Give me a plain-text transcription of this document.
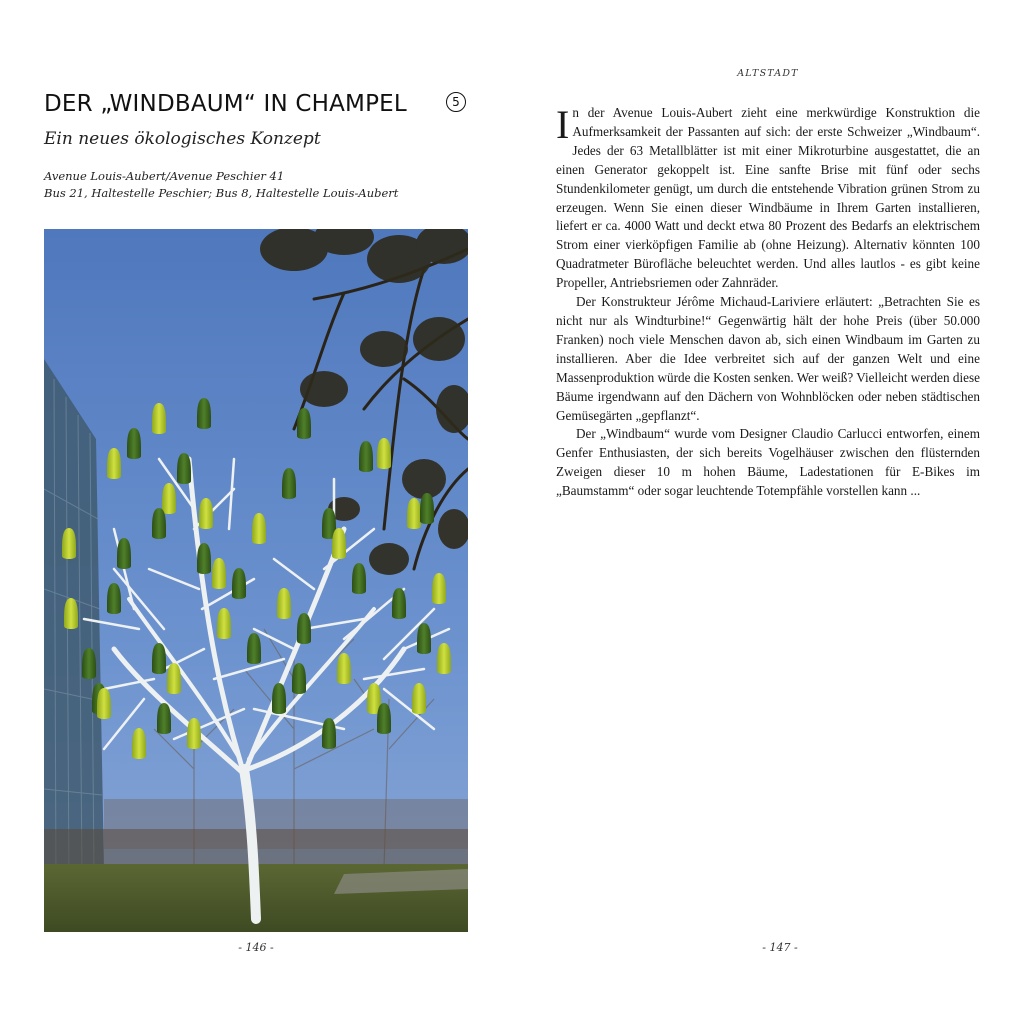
DER „WINDBAUM“ IN CHAMPEL	5
Ein neues ökologisches Konzept
Avenue Louis-Aubert/Avenue Peschier 41
Bus 21, Haltestelle Peschier; Bus 8, Haltestelle Louis-Aubert
- 146 -
ALTSTADT

In der Avenue Louis-Aubert zieht eine merkwürdige Konstruktion die Aufmerksamkeit der Passanten auf sich: der erste Schweizer „Windbaum“. Jedes der 63 Metallblätter ist mit einer Mikroturbine ausgestattet, die an einen Generator gekoppelt ist. Eine sanfte Brise mit fünf oder sechs Stundenkilometer genügt, um durch die entstehende Vibration grünen Strom zu erzeugen. Wenn Sie einen dieser Windbäume in Ihrem Garten installieren, liefert er ca. 4000 Watt und deckt etwa 80 Prozent des Bedarfs an elektrischem Strom einer vierköpfigen Familie ab (ohne Heizung). Alternativ könnten 100 Quadratmeter Bürofläche beleuchtet werden. Und alles lautlos - es gibt keine Propeller, Antriebsriemen oder Zahnräder.

Der Konstrukteur Jérôme Michaud-Lariviere erläutert: „Betrachten Sie es nicht nur als Windturbine!“ Gegenwärtig hält der hohe Preis (über 50.000 Franken) noch viele Menschen davon ab, sich einen Windbaum im Garten zu installieren. Aber die Idee verbreitet sich auf der ganzen Welt und eine Massenproduktion würde die Kosten senken. Wer weiß? Vielleicht werden diese Bäume irgendwann auf den Dächern von Wohnblöcken oder neben städtischen Gemüsegärten „gepflanzt“.

Der „Windbaum“ wurde vom Designer Claudio Carlucci entworfen, einem Genfer Enthusiasten, der sich bereits Vogelhäuser zwischen den flüsternden Zweigen dieser 10 m hohen Bäume, Ladestationen für E-Bikes im „Baumstamm“ oder sogar leuchtende Totempfähle vorstellen kann ...

- 147 -
